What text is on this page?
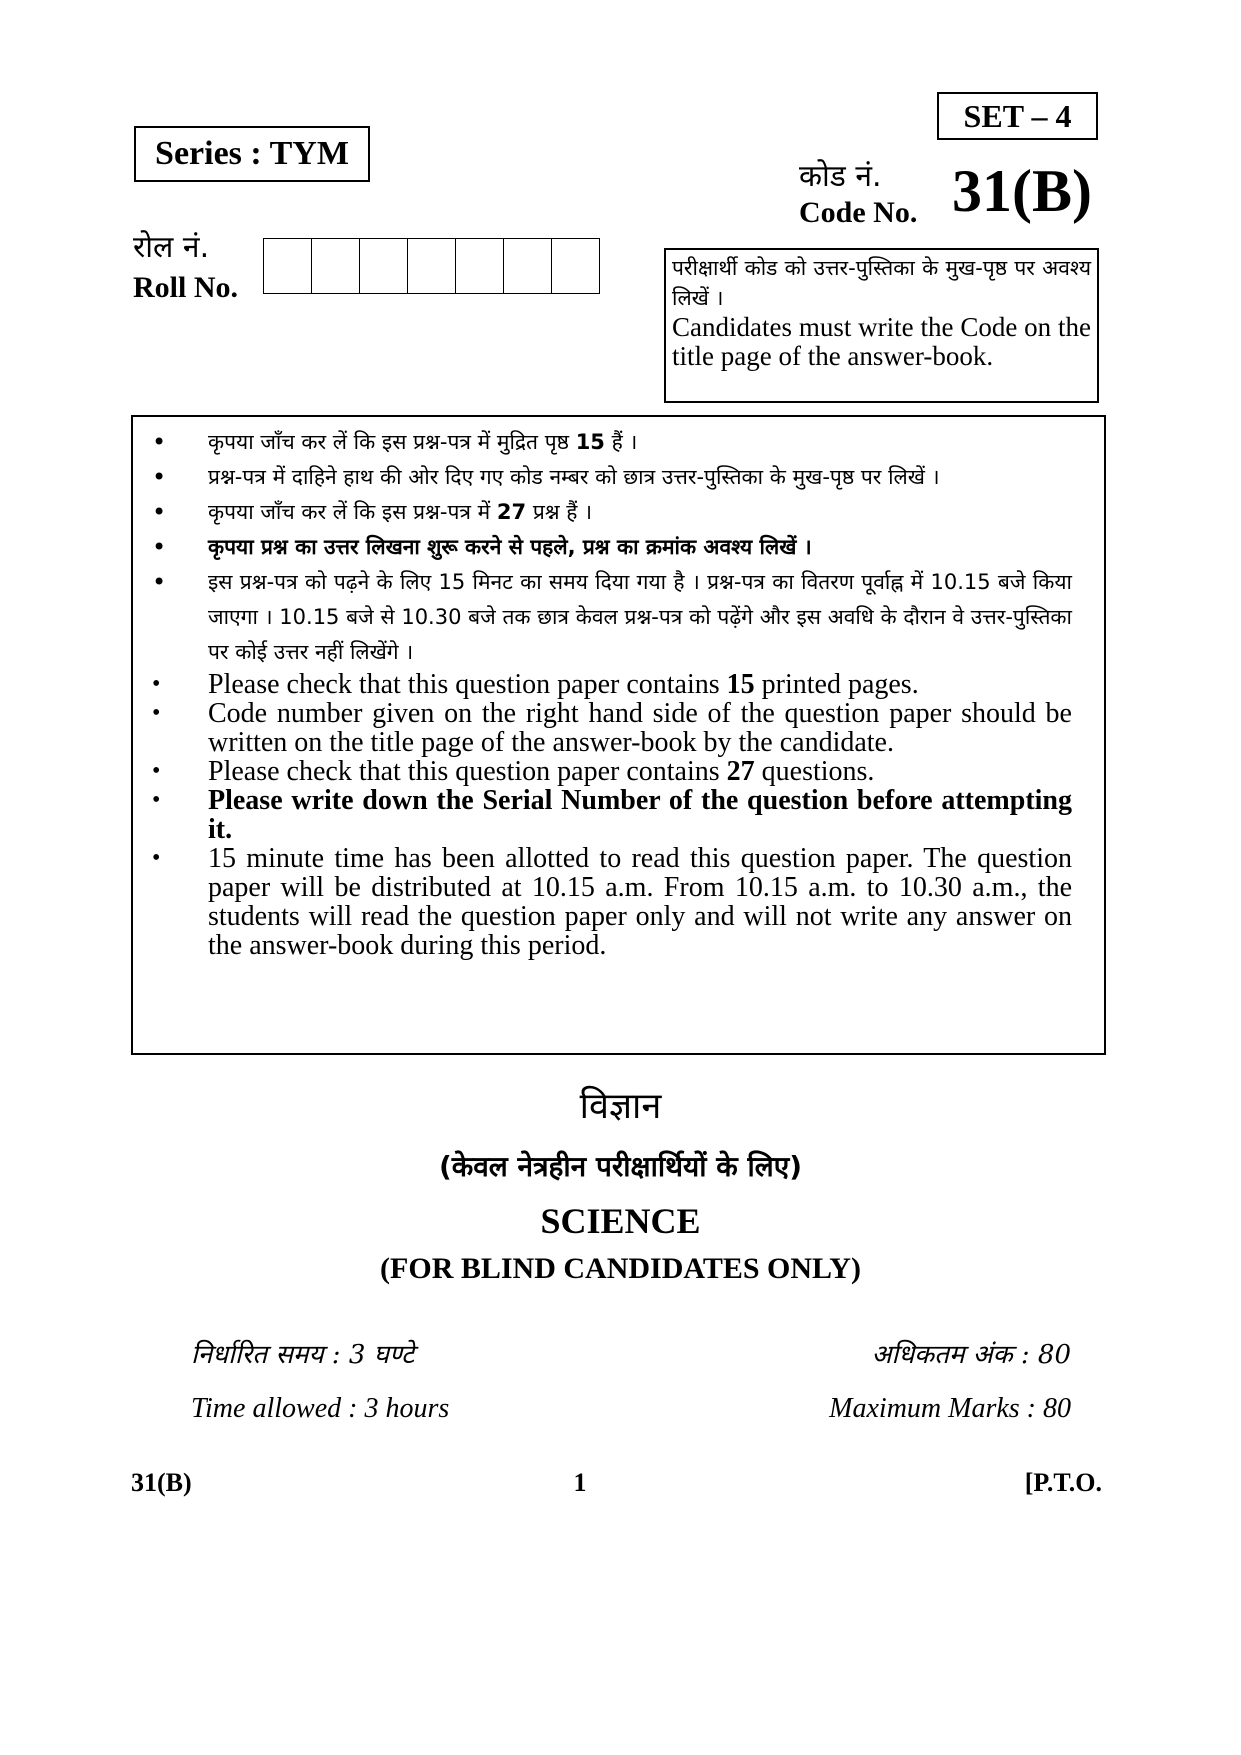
SET – 4
Series : TYM
कोड नं.
Code No. 31(B)
रोल नं.
Roll No.
परीक्षार्थी कोड को उत्तर-पुस्तिका के मुख-पृष्ठ पर अवश्य लिखें ।
Candidates must write the Code on the title page of the answer-book.
• कृपया जाँच कर लें कि इस प्रश्न-पत्र में मुद्रित पृष्ठ 15 हैं ।
• प्रश्न-पत्र में दाहिने हाथ की ओर दिए गए कोड नम्बर को छात्र उत्तर-पुस्तिका के मुख-पृष्ठ पर लिखें ।
• कृपया जाँच कर लें कि इस प्रश्न-पत्र में 27 प्रश्न हैं ।
• कृपया प्रश्न का उत्तर लिखना शुरू करने से पहले, प्रश्न का क्रमांक अवश्य लिखें ।
• इस प्रश्न-पत्र को पढ़ने के लिए 15 मिनट का समय दिया गया है । प्रश्न-पत्र का वितरण पूर्वाह्न में 10.15 बजे किया जाएगा । 10.15 बजे से 10.30 बजे तक छात्र केवल प्रश्न-पत्र को पढ़ेंगे और इस अवधि के दौरान वे उत्तर-पुस्तिका पर कोई उत्तर नहीं लिखेंगे ।
• Please check that this question paper contains 15 printed pages.
• Code number given on the right hand side of the question paper should be written on the title page of the answer-book by the candidate.
• Please check that this question paper contains 27 questions.
• Please write down the Serial Number of the question before attempting it.
• 15 minute time has been allotted to read this question paper. The question paper will be distributed at 10.15 a.m. From 10.15 a.m. to 10.30 a.m., the students will read the question paper only and will not write any answer on the answer-book during this period.
विज्ञान
(केवल नेत्रहीन परीक्षार्थियों के लिए)
SCIENCE
(FOR BLIND CANDIDATES ONLY)
निर्धारित समय : 3 घण्टे	अधिकतम अंक : 80
Time allowed : 3 hours	Maximum Marks : 80
31(B)	1	[P.T.O.
